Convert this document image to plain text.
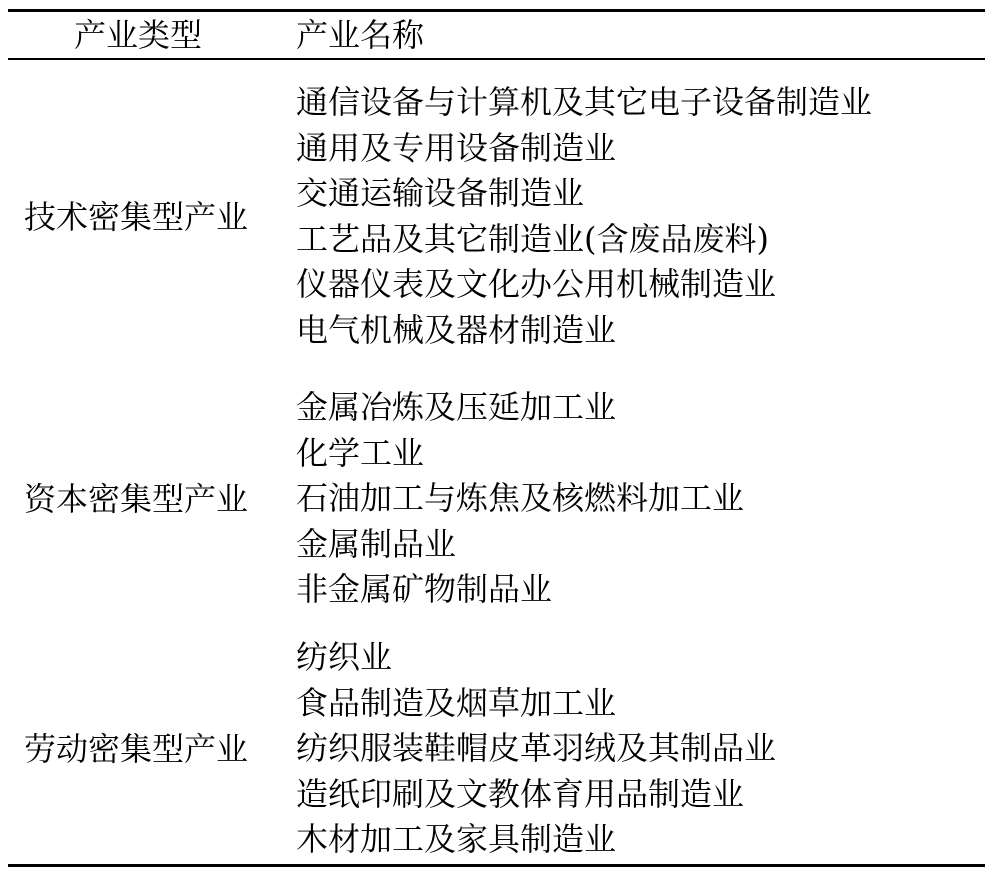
产业类型	产业名称
技术密集型产业
通信设备与计算机及其它电子设备制造业
通用及专用设备制造业
交通运输设备制造业
工艺品及其它制造业(含废品废料)
仪器仪表及文化办公用机械制造业
电气机械及器材制造业
资本密集型产业
金属冶炼及压延加工业
化学工业
石油加工与炼焦及核燃料加工业
金属制品业
非金属矿物制品业
劳动密集型产业
纺织业
食品制造及烟草加工业
纺织服装鞋帽皮革羽绒及其制品业
造纸印刷及文教体育用品制造业
木材加工及家具制造业
